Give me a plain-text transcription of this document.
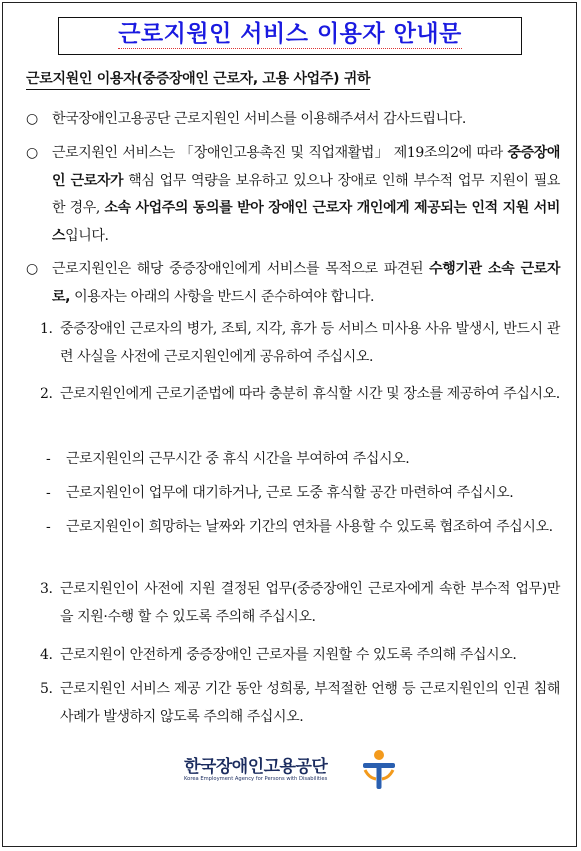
근로지원인 서비스 이용자 안내문
근로지원인 이용자(중증장애인 근로자, 고용 사업주) 귀하
○	한국장애인고용공단 근로지원인 서비스를 이용해주셔서 감사드립니다.
○	근로지원인 서비스는 「장애인고용촉진 및 직업재활법」 제19조의2에 따라 중증장애인 근로자가 핵심 업무 역량을 보유하고 있으나 장애로 인해 부수적 업무 지원이 필요한 경우, 소속 사업주의 동의를 받아 장애인 근로자 개인에게 제공되는 인적 지원 서비스입니다.
○	근로지원인은 해당 중증장애인에게 서비스를 목적으로 파견된 수행기관 소속 근로자로, 이용자는 아래의 사항을 반드시 준수하여야 합니다.
1. 중증장애인 근로자의 병가, 조퇴, 지각, 휴가 등 서비스 미사용 사유 발생시, 반드시 관련 사실을 사전에 근로지원인에게 공유하여 주십시오.
2. 근로지원인에게 근로기준법에 따라 충분히 휴식할 시간 및 장소를 제공하여 주십시오.
-	근로지원인의 근무시간 중 휴식 시간을 부여하여 주십시오.
-	근로지원인이 업무에 대기하거나, 근로 도중 휴식할 공간 마련하여 주십시오.
-	근로지원인이 희망하는 날짜와 기간의 연차를 사용할 수 있도록 협조하여 주십시오.
3. 근로지원인이 사전에 지원 결정된 업무(중증장애인 근로자에게 속한 부수적 업무)만을 지원·수행 할 수 있도록 주의해 주십시오.
4. 근로지원이 안전하게 중증장애인 근로자를 지원할 수 있도록 주의해 주십시오.
5. 근로지원인 서비스 제공 기간 동안 성희롱, 부적절한 언행 등 근로지원인의 인권 침해 사례가 발생하지 않도록 주의해 주십시오.
한국장애인고용공단
Korea Employment Agency for Persons with Disabilities
